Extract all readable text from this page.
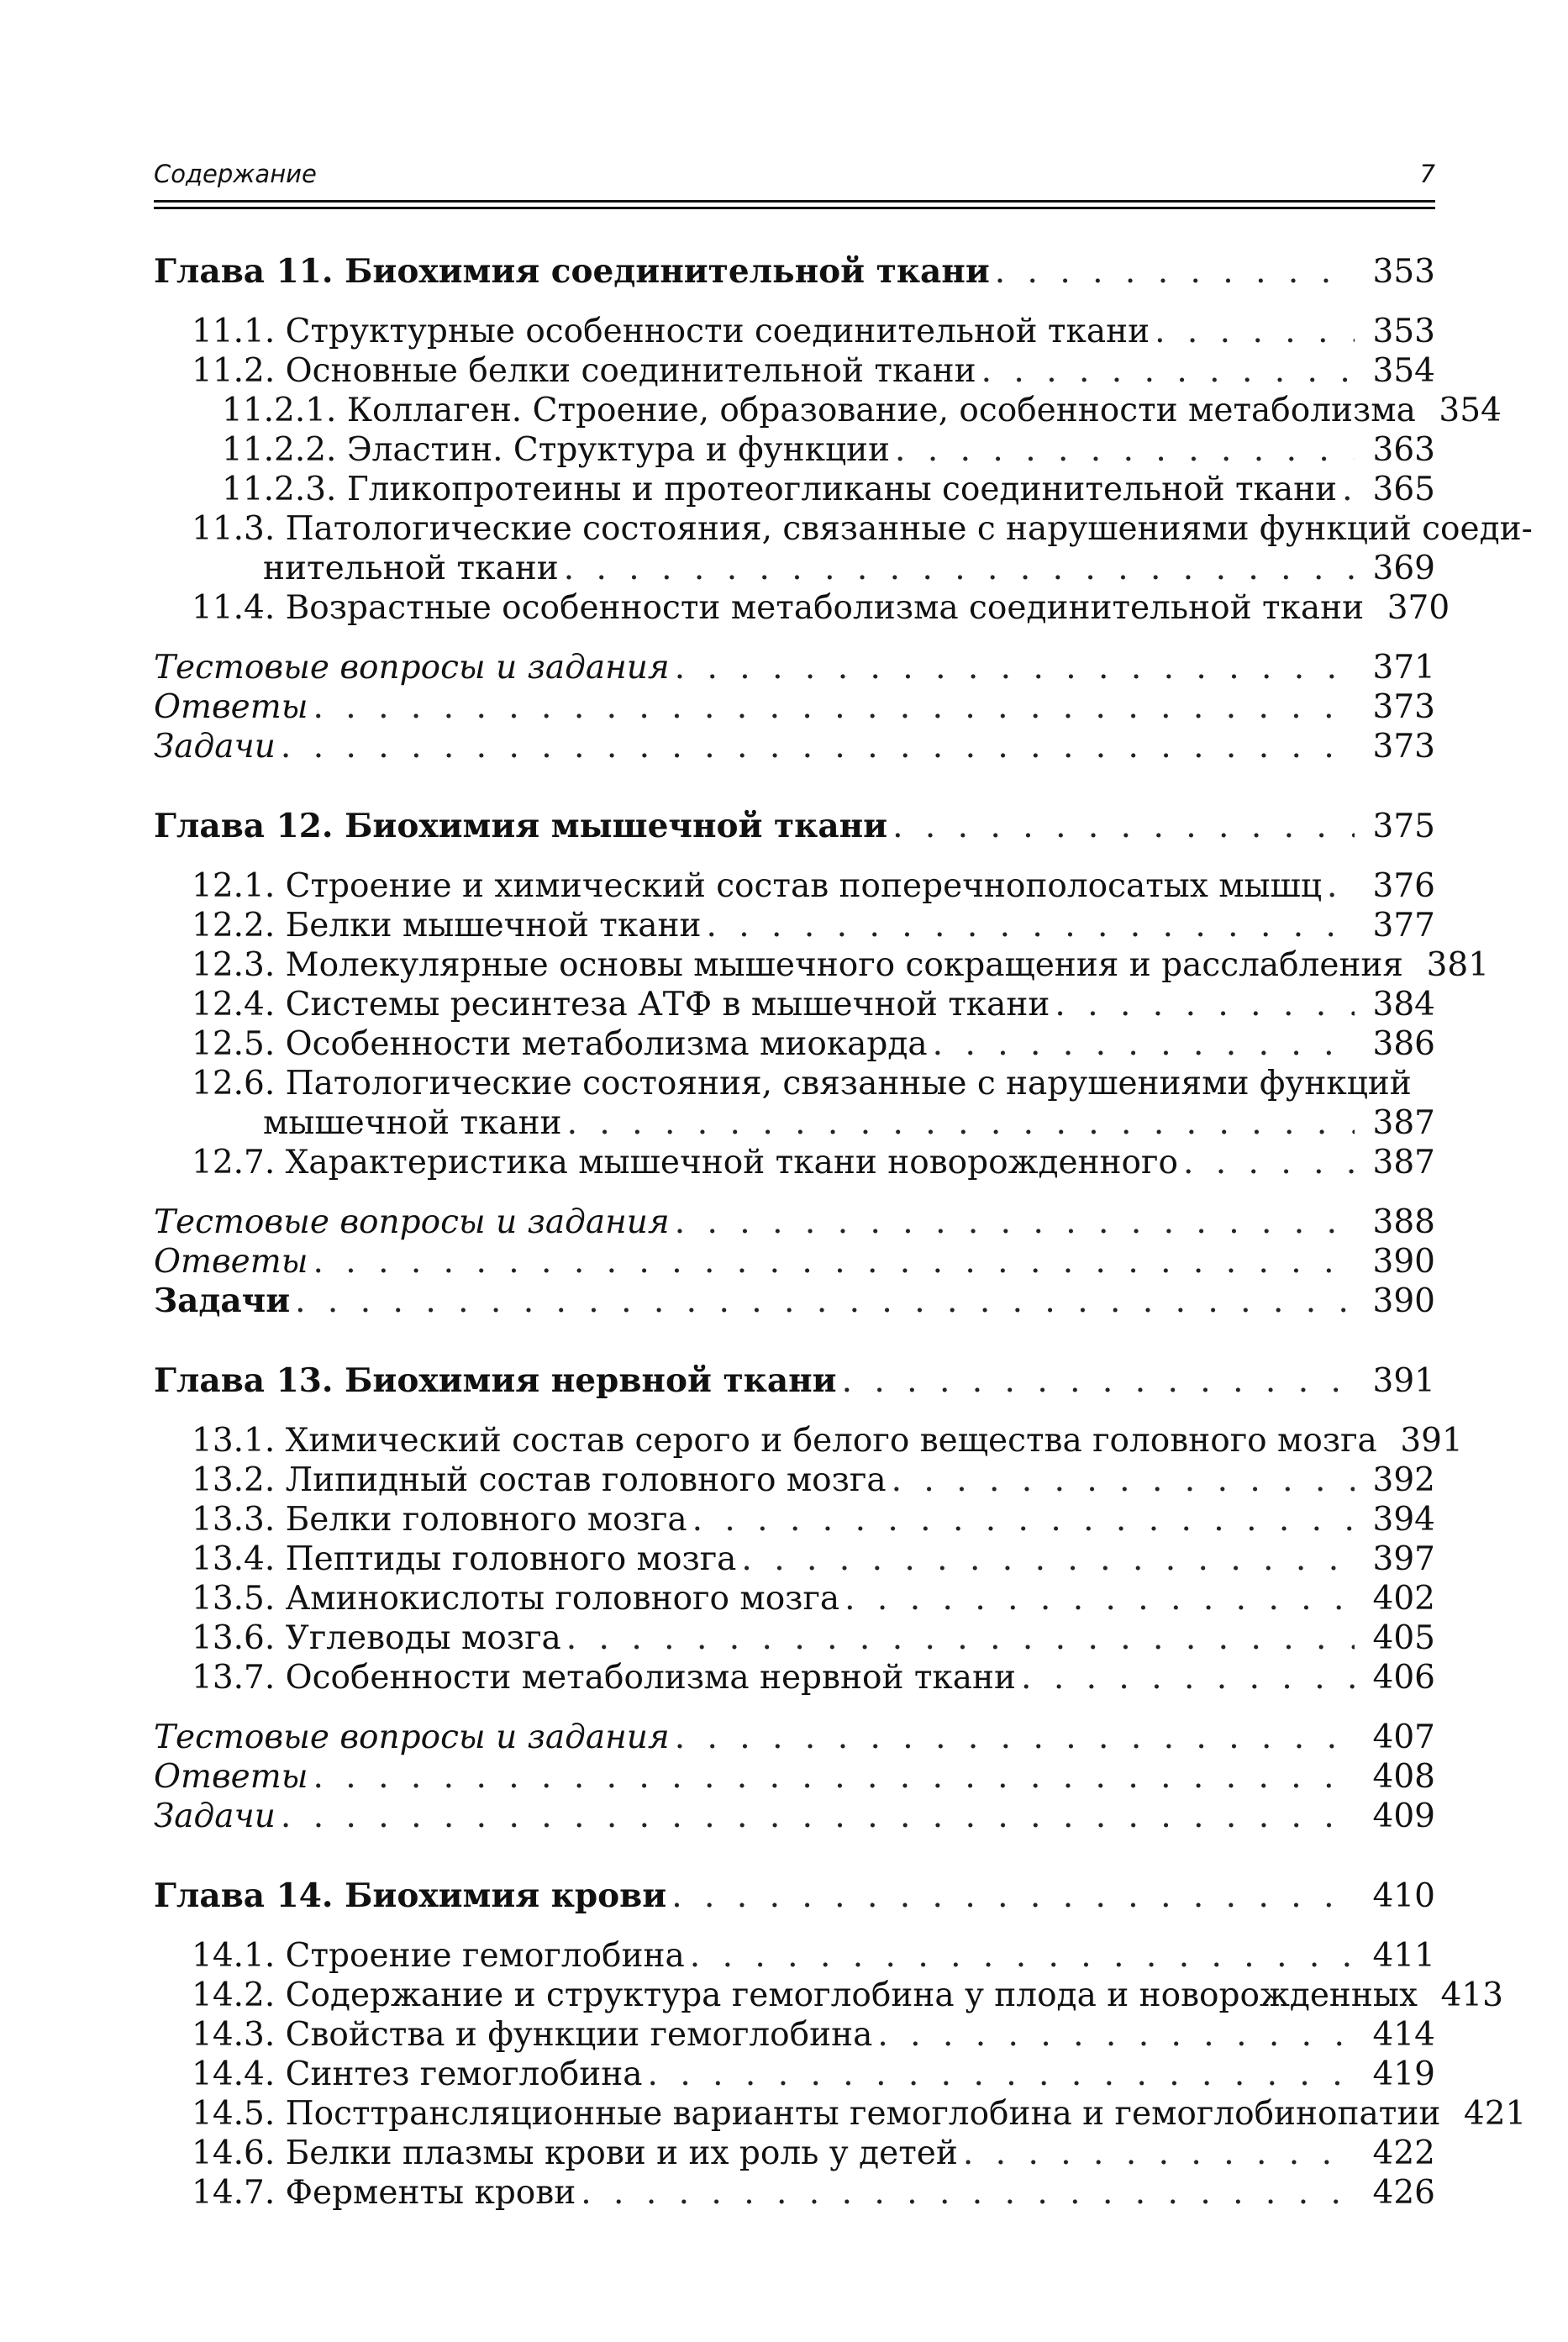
Содержание	7
Глава 11. Биохимия соединительной ткани . . .	353
11.1. Структурные особенности соединительной ткани . . .	353
11.2. Основные белки соединительной ткани . . .	354
11.2.1. Коллаген. Строение, образование, особенности метаболизма 354
11.2.2. Эластин. Структура и функции . . .	363
11.2.3. Гликопротеины и протеогликаны соединительной ткани . . .	365
11.3. Патологические состояния, связанные с нарушениями функций соеди-
нительной ткани . . .	369
11.4. Возрастные особенности метаболизма соединительной ткани 370
Тестовые вопросы и задания . . .	371
Ответы . . .	373
Задачи . . .	373
Глава 12. Биохимия мышечной ткани . . .	375
12.1. Строение и химический состав поперечнополосатых мышц . . .	376
12.2. Белки мышечной ткани . . .	377
12.3. Молекулярные основы мышечного сокращения и расслабления 381
12.4. Системы ресинтеза АТФ в мышечной ткани . . .	384
12.5. Особенности метаболизма миокарда . . .	386
12.6. Патологические состояния, связанные с нарушениями функций
мышечной ткани . . .	387
12.7. Характеристика мышечной ткани новорожденного . . .	387
Тестовые вопросы и задания . . .	388
Ответы . . .	390
Задачи . . .	390
Глава 13. Биохимия нервной ткани . . .	391
13.1. Химический состав серого и белого вещества головного мозга 391
13.2. Липидный состав головного мозга . . .	392
13.3. Белки головного мозга . . .	394
13.4. Пептиды головного мозга . . .	397
13.5. Аминокислоты головного мозга . . .	402
13.6. Углеводы мозга . . .	405
13.7. Особенности метаболизма нервной ткани . . .	406
Тестовые вопросы и задания . . .	407
Ответы . . .	408
Задачи . . .	409
Глава 14. Биохимия крови . . .	410
14.1. Строение гемоглобина . . .	411
14.2. Содержание и структура гемоглобина у плода и новорожденных 413
14.3. Свойства и функции гемоглобина . . .	414
14.4. Синтез гемоглобина . . .	419
14.5. Посттрансляционные варианты гемоглобина и гемоглобинопатии 421
14.6. Белки плазмы крови и их роль у детей . . .	422
14.7. Ферменты крови . . .	426
